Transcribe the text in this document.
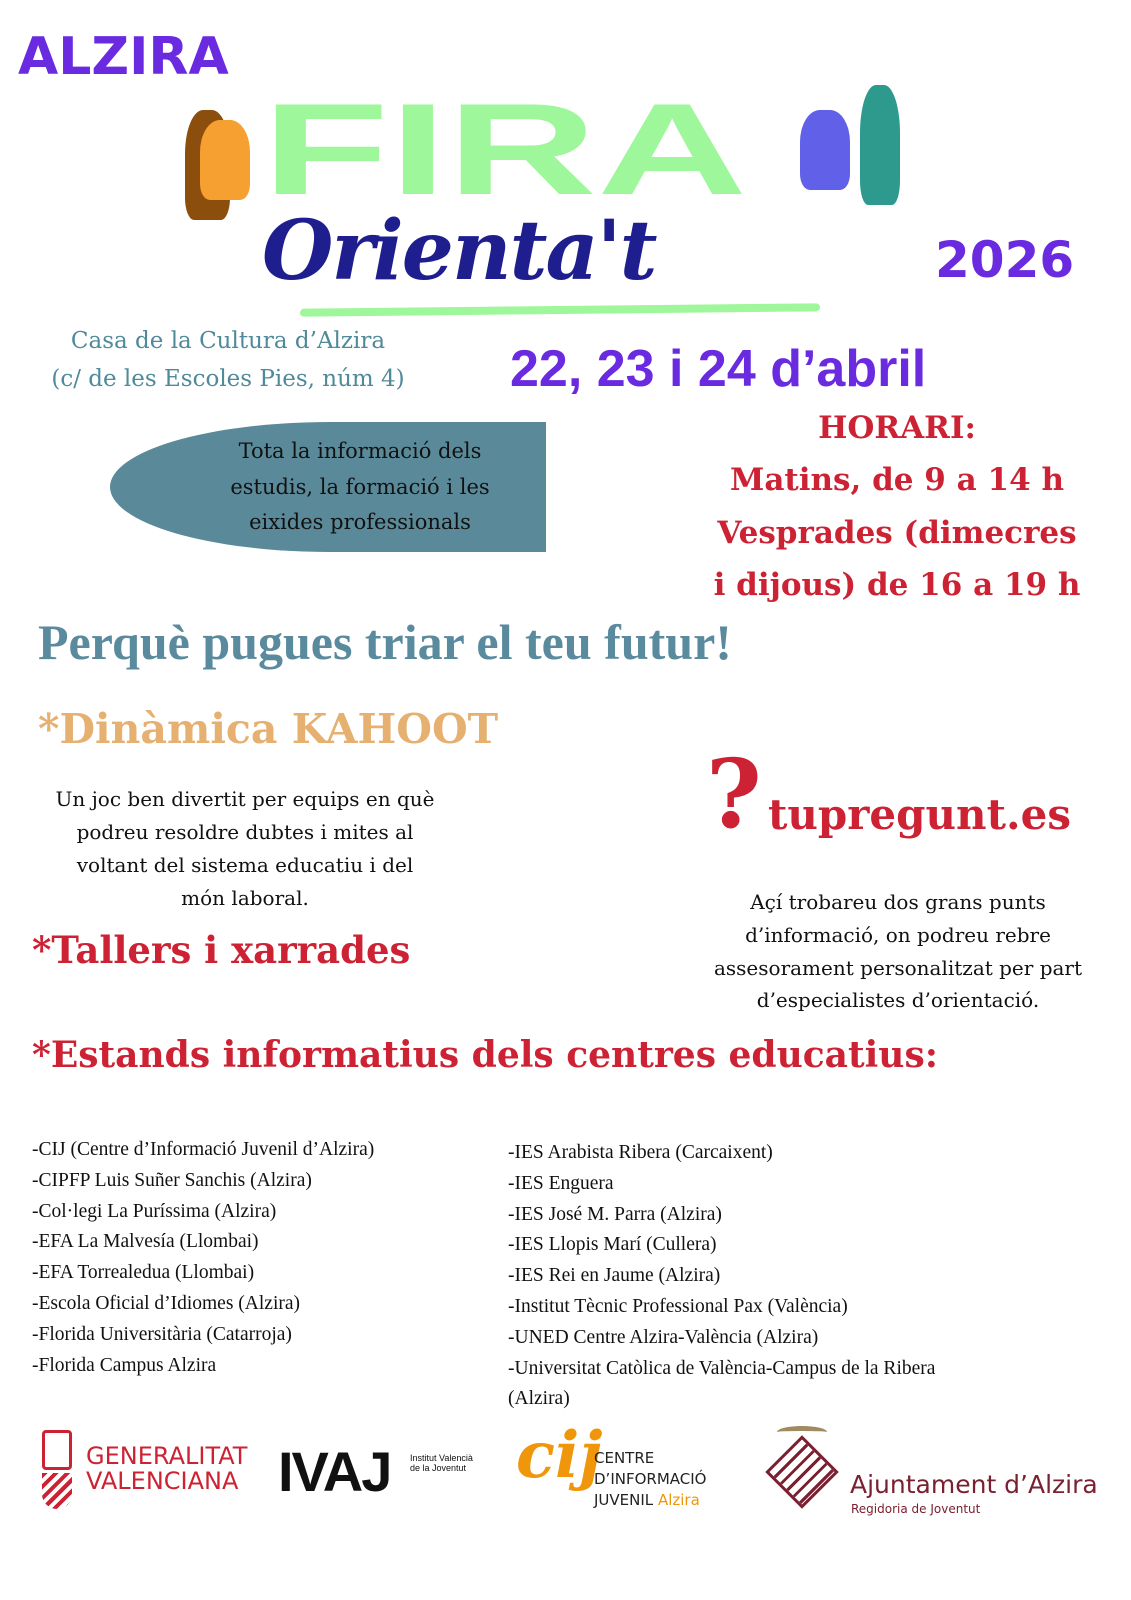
ALZIRA
FIRA
Orienta't	2026
Casa de la Cultura d’Alzira
(c/ de les Escoles Pies, núm 4)	22, 23 i 24 d’abril
Tota la informació dels
estudis, la formació i les
eixides professionals
HORARI:
Matins, de 9 a 14 h
Vesprades (dimecres
i dijous) de 16 a 19 h
Perquè pugues triar el teu futur!
*Dinàmica KAHOOT
Un joc ben divertit per equips en què
podreu resoldre dubtes i mites al
voltant del sistema educatiu i del
món laboral.
*Tallers i xarrades
? tupregunt.es
Açí trobareu dos grans punts
d’informació, on podreu rebre
assesorament personalitzat per part
d’especialistes d’orientació.
*Estands informatius dels centres educatius:
-CIJ (Centre d’Informació Juvenil d’Alzira)
-CIPFP Luis Suñer Sanchis (Alzira)
-Col·legi La Puríssima (Alzira)
-EFA La Malvesía (Llombai)
-EFA Torrealedua (Llombai)
-Escola Oficial d’Idiomes (Alzira)
-Florida Universitària (Catarroja)
-Florida Campus Alzira
-IES Arabista Ribera (Carcaixent)
-IES Enguera
-IES José M. Parra (Alzira)
-IES Llopis Marí (Cullera)
-IES Rei en Jaume (Alzira)
-Institut Tècnic Professional Pax (València)
-UNED Centre Alzira-València (Alzira)
-Universitat Catòlica de València-Campus de la Ribera
(Alzira)
GENERALITAT
VALENCIANA IVAJ Institut Valencià
de la Joventut cij
CENTRE
D’INFORMACIÓ
JUVENIL Alzira
Ajuntament d’Alzira
Regidoria de Joventut
